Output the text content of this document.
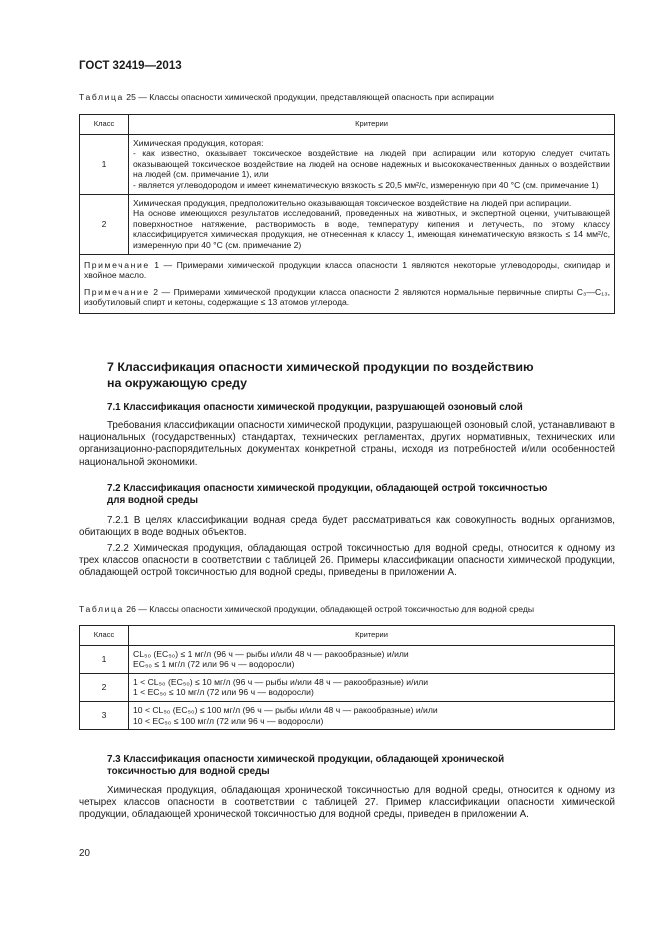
ГОСТ 32419—2013
Таблица 25 — Классы опасности химической продукции, представляющей опасность при аспирации
Класс	Критерии
1	Химическая продукция, которая:
- как известно, оказывает токсическое воздействие на людей при аспирации или которую следует считать оказывающей токсическое воздействие на людей на основе надежных и высококачественных данных о воздействии на людей (см. примечание 1), или
- является углеводородом и имеет кинематическую вязкость ≤ 20,5 мм²/с, измеренную при 40 °С (см. примечание 1)

2	Химическая продукция, предположительно оказывающая токсическое воздействие на людей при аспирации.
На основе имеющихся результатов исследований, проведенных на животных, и экспертной оценки, учитывающей поверхностное натяжение, растворимость в воде, температуру кипения и летучесть, по этому классу классифицируется химическая продукция, не отнесенная к классу 1, имеющая кинематическую вязкость ≤ 14 мм²/с, измеренную при 40 °С (см. примечание 2)

Примечание 1 — Примерами химической продукции класса опасности 1 являются некоторые углеводороды, скипидар и хвойное масло.

Примечание 2 — Примерами химической продукции класса опасности 2 являются нормальные первичные спирты C₃—C₁₃, изобутиловый спирт и кетоны, содержащие ≤ 13 атомов углерода.	

7 Классификация опасности химической продукции по воздействию
на окружающую среду
7.1 Классификация опасности химической продукции, разрушающей озоновый слой

Требования классификации опасности химической продукции, разрушающей озоновый слой, устанавливают в национальных (государственных) стандартах, технических регламентах, других нормативных, технических или организационно-распорядительных документах конкретной страны, исходя из потребностей и/или особенностей национальной экономики.

7.2 Классификация опасности химической продукции, обладающей острой токсичностью
для водной среды

7.2.1 В целях классификации водная среда будет рассматриваться как совокупность водных организмов, обитающих в воде водных объектов.

7.2.2 Химическая продукция, обладающая острой токсичностью для водной среды, относится к одному из трех классов опасности в соответствии с таблицей 26. Примеры классификации опасности химической продукции, обладающей острой токсичностью для водной среды, приведены в приложении А.

Таблица 26 — Классы опасности химической продукции, обладающей острой токсичностью для водной среды
Класс	Критерии
1	CL₅₀ (EC₅₀) ≤ 1 мг/л (96 ч — рыбы и/или 48 ч — ракообразные) и/или
EC₅₀ ≤ 1 мг/л (72 или 96 ч — водоросли)

2	1 < CL₅₀ (EC₅₀) ≤ 10 мг/л (96 ч — рыбы и/или 48 ч — ракообразные) и/или
1 < EC₅₀ ≤ 10 мг/л (72 или 96 ч — водоросли)

3	10 < CL₅₀ (EC₅₀) ≤ 100 мг/л (96 ч — рыбы и/или 48 ч — ракообразные) и/или
10 < EC₅₀ ≤ 100 мг/л (72 или 96 ч — водоросли)
7.3 Классификация опасности химической продукции, обладающей хронической
токсичностью для водной среды

Химическая продукция, обладающая хронической токсичностью для водной среды, относится к одному из четырех классов опасности в соответствии с таблицей 27. Пример классификации опасности химической продукции, обладающей хронической токсичностью для водной среды, приведен в приложении А.

20
